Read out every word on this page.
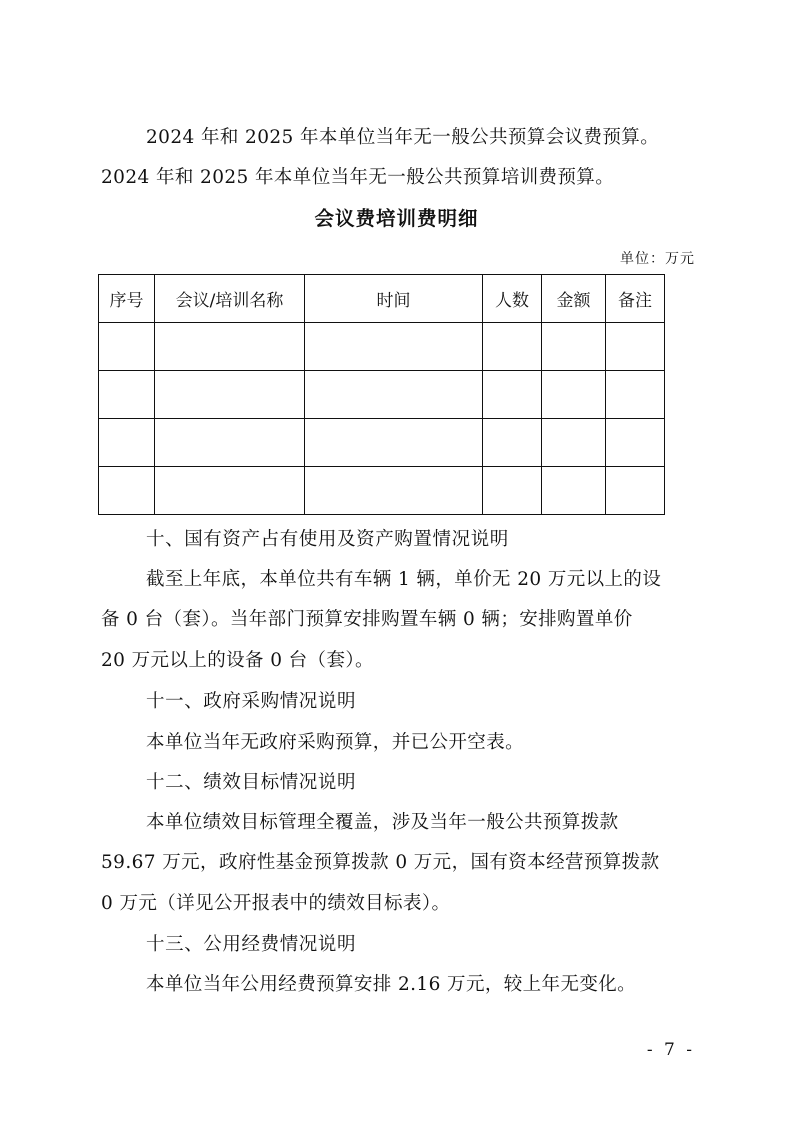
2024 年和 2025 年本单位当年无一般公共预算会议费预算。
2024 年和 2025 年本单位当年无一般公共预算培训费预算。
会议费培训费明细
单位：万元
序号	会议/培训名称	时间	人数	金额	备注

十、国有资产占有使用及资产购置情况说明
截至上年底，本单位共有车辆 1 辆，单价无 20 万元以上的设
备 0 台（套）。当年部门预算安排购置车辆 0 辆；安排购置单价
20 万元以上的设备 0 台（套）。
十一、政府采购情况说明
本单位当年无政府采购预算，并已公开空表。
十二、绩效目标情况说明
本单位绩效目标管理全覆盖，涉及当年一般公共预算拨款
59.67 万元，政府性基金预算拨款 0 万元，国有资本经营预算拨款
0 万元（详见公开报表中的绩效目标表）。
十三、公用经费情况说明
本单位当年公用经费预算安排 2.16 万元，较上年无变化。
- 7 -
